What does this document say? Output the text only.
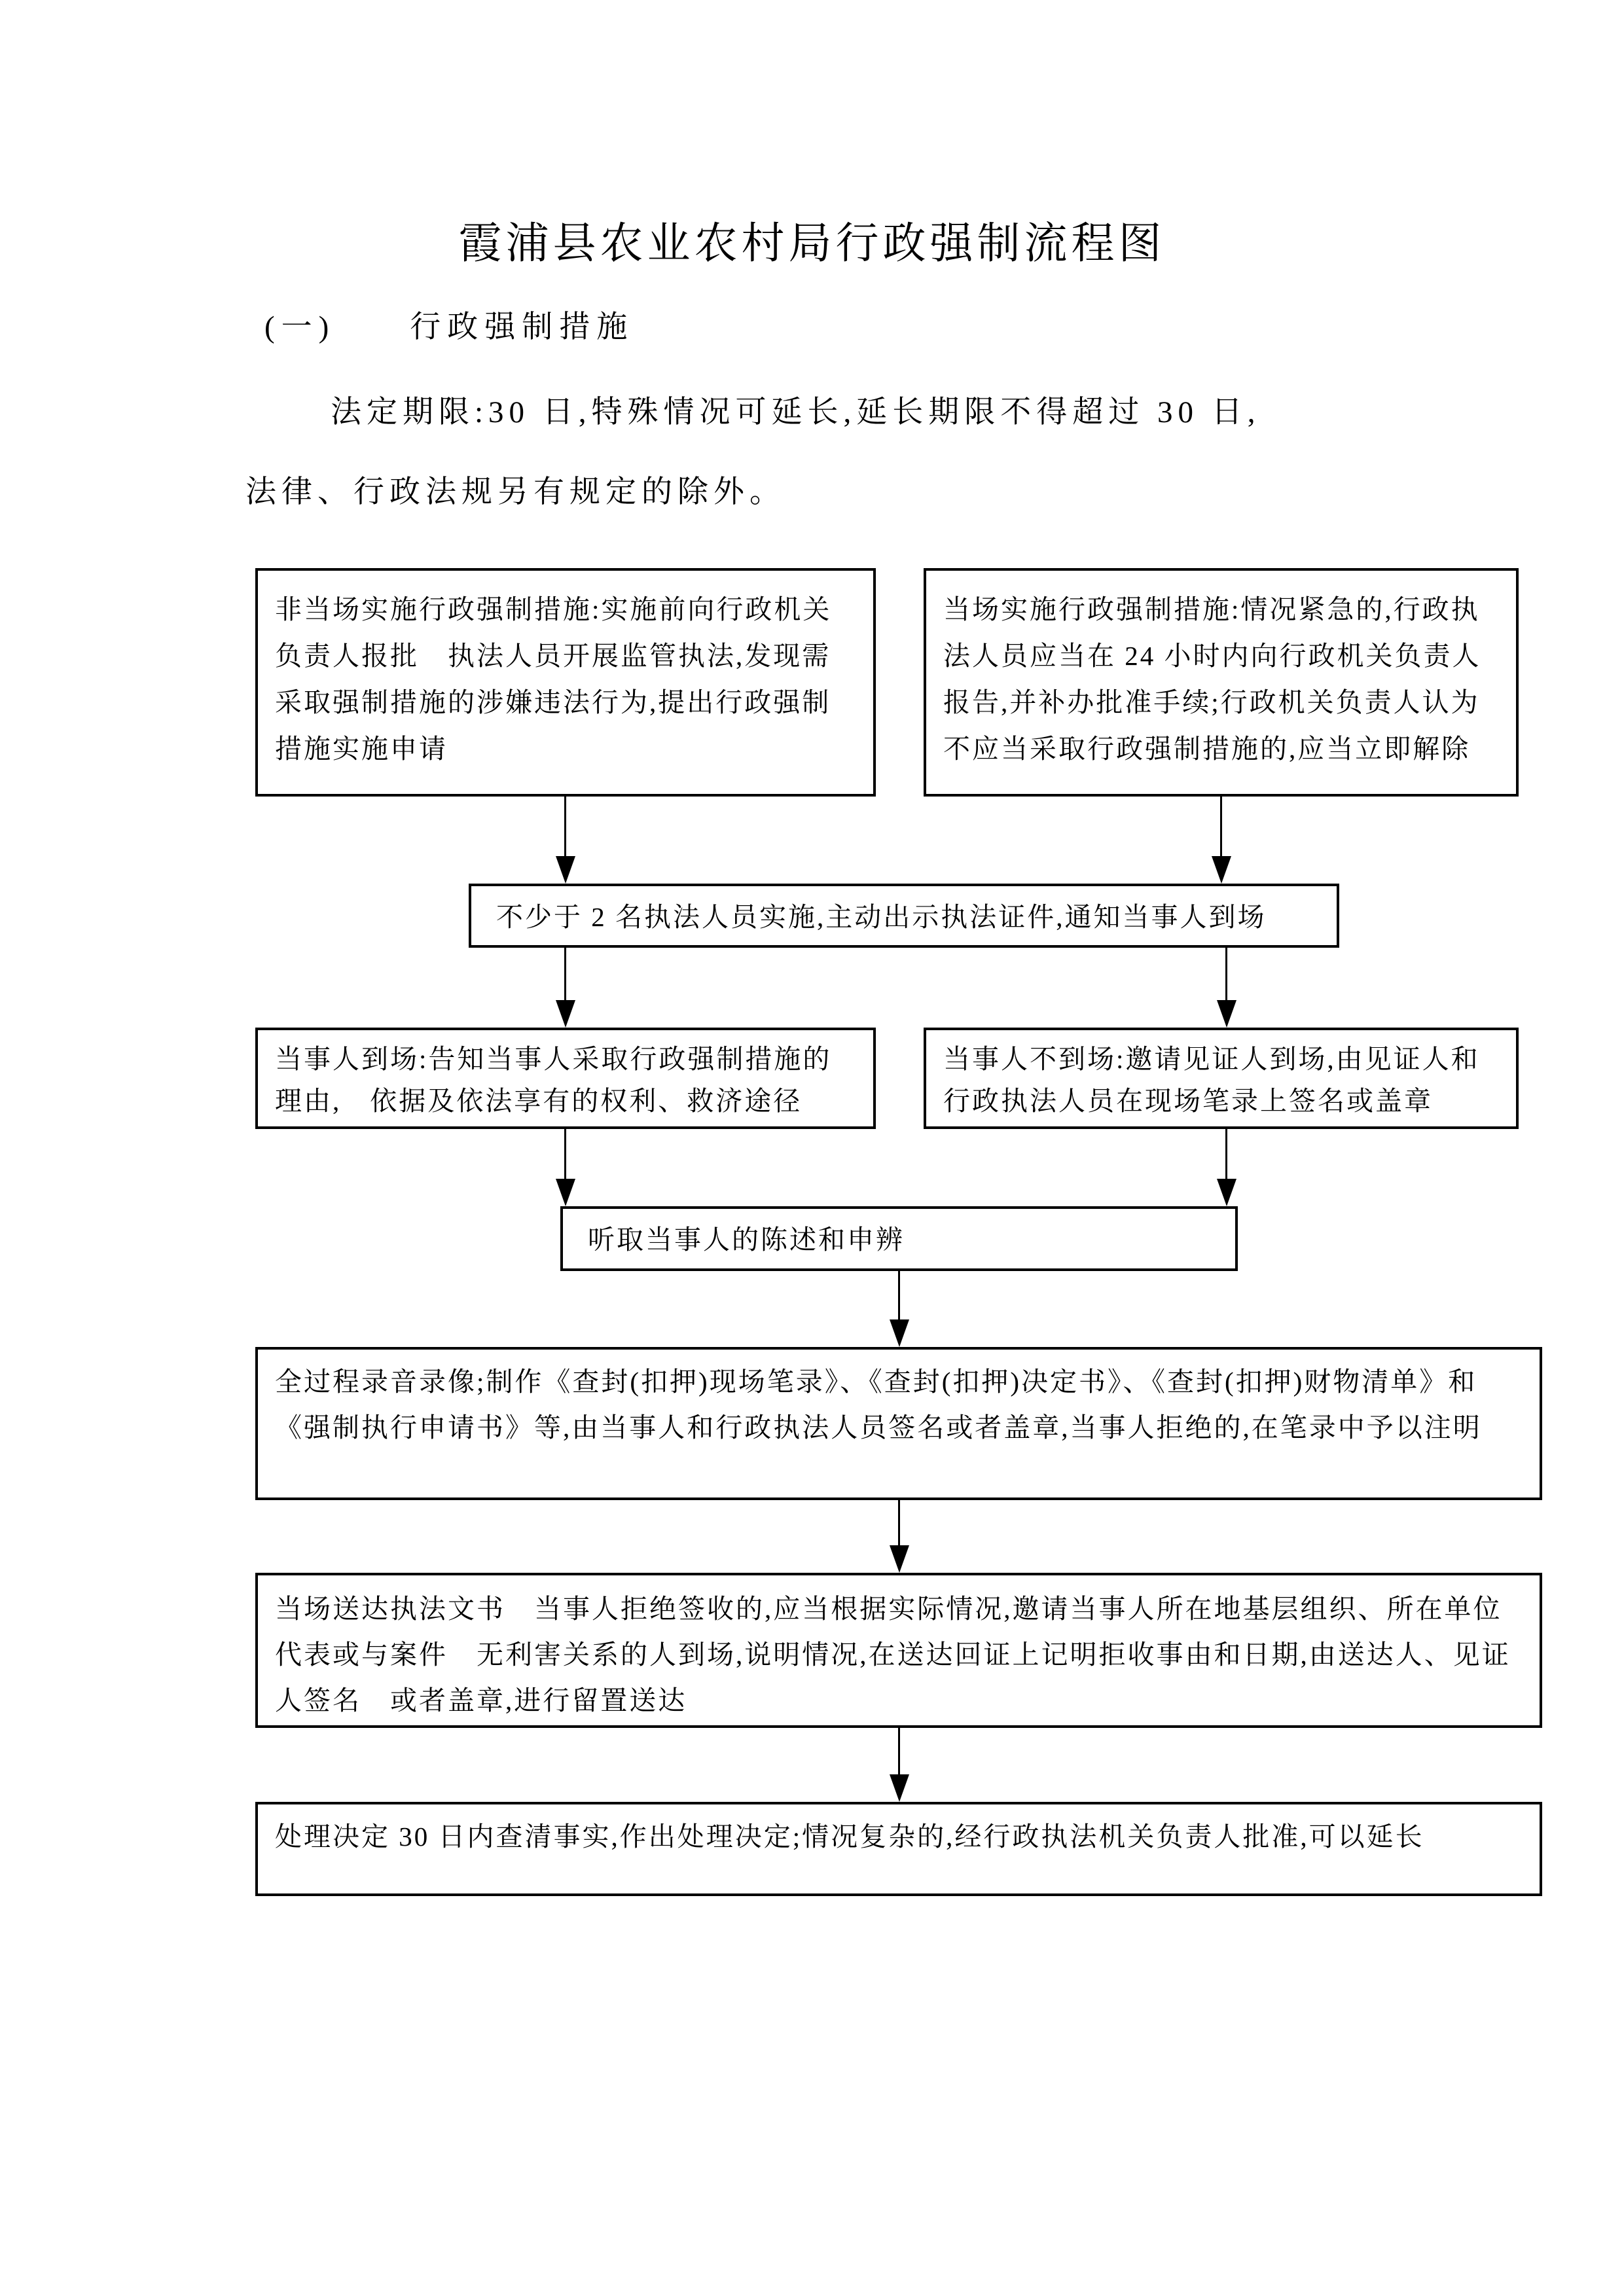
霞浦县农业农村局行政强制流程图
(一)　　行政强制措施
法定期限:30 日,特殊情况可延长,延长期限不得超过 30 日,
法律、行政法规另有规定的除外。
非当场实施行政强制措施:实施前向行政机关负责人报批　执法人员开展监管执法,发现需采取强制措施的涉嫌违法行为,提出行政强制措施实施申请
当场实施行政强制措施:情况紧急的,行政执法人员应当在 24 小时内向行政机关负责人报告,并补办批准手续;行政机关负责人认为不应当采取行政强制措施的,应当立即解除
不少于 2 名执法人员实施,主动出示执法证件,通知当事人到场
当事人到场:告知当事人采取行政强制措施的理由,　依据及依法享有的权利、救济途径
当事人不到场:邀请见证人到场,由见证人和行政执法人员在现场笔录上签名或盖章
听取当事人的陈述和申辨
全过程录音录像;制作《查封(扣押)现场笔录》、《查封(扣押)决定书》、《查封(扣押)财物清单》和《强制执行申请书》等,由当事人和行政执法人员签名或者盖章,当事人拒绝的,在笔录中予以注明
当场送达执法文书　当事人拒绝签收的,应当根据实际情况,邀请当事人所在地基层组织、所在单位代表或与案件　无利害关系的人到场,说明情况,在送达回证上记明拒收事由和日期,由送达人、见证人签名　或者盖章,进行留置送达
处理决定 30 日内查清事实,作出处理决定;情况复杂的,经行政执法机关负责人批准,可以延长
